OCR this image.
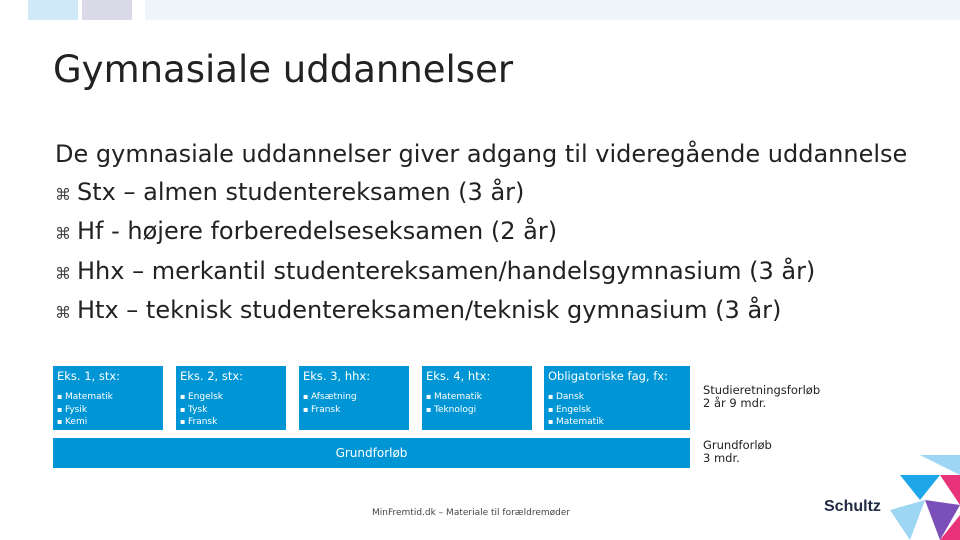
Gymnasiale uddannelser
De gymnasiale uddannelser giver adgang til videregående uddannelse
⌘ Stx – almen studentereksamen (3 år)
⌘ Hf - højere forberedelseseksamen (2 år)
⌘ Hhx – merkantil studentereksamen/handelsgymnasium (3 år)
⌘ Htx – teknisk studentereksamen/teknisk gymnasium (3 år)
Eks. 1, stx:
▪ Matematik
▪ Fysik
▪ Kemi
Eks. 2, stx:
▪ Engelsk
▪ Tysk
▪ Fransk
Eks. 3, hhx:
▪ Afsætning
▪ Fransk
Eks. 4, htx:
▪ Matematik
▪ Teknologi
Obligatoriske fag, fx:
▪ Dansk
▪ Engelsk
▪ Matematik
Grundforløb
Studieretningsforløb
2 år 9 mdr.
Grundforløb
3 mdr.
MinFremtid.dk – Materiale til forældremøder	Schultz
